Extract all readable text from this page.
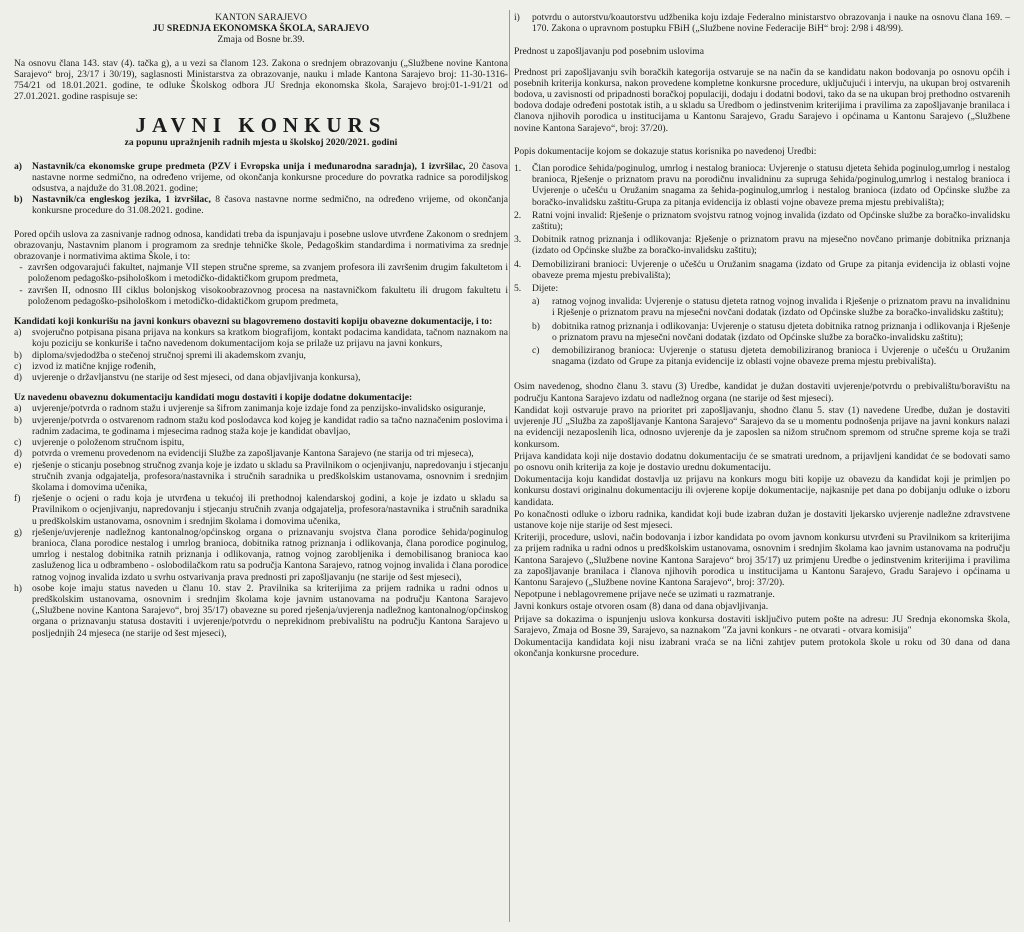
KANTON SARAJEVO

JU SREDNJA EKONOMSKA ŠKOLA, SARAJEVO

Zmaja od Bosne br.39.

Na osnovu člana 143. stav (4). tačka g), a u vezi sa članom 123. Zakona o srednjem obrazovanju („Službene novine Kantona Sarajevo“ broj, 23/17 i 30/19), saglasnosti Ministarstva za obrazovanje, nauku i mlade Kantona Sarajevo broj: 11-30-1316-754/21 od 18.01.2021. godine, te odluke Školskog odbora JU Srednja ekonomska škola, Sarajevo broj:01-1-91/21 od 27.01.2021. godine raspisuje se:

JAVNI KONKURS

za popunu upražnjenih radnih mjesta u školskoj 2020/2021. godini

a)	Nastavnik/ca ekonomske grupe predmeta (PZV i Evropska unija i međunarodna saradnja), 1 izvršilac, 20 časova nastavne norme sedmično, na određeno vrijeme, od okončanja konkursne procedure do povratka radnice sa porodiljskog odsustva, a najduže do 31.08.2021. godine;
b) Nastavnik/ca engleskog jezika, 1 izvršilac, 8 časova nastavne norme sedmično, na određeno vrijeme, od okončanja konkursne procedure do 31.08.2021. godine.

Pored općih uslova za zasnivanje radnog odnosa, kandidati treba da ispunjavaju i posebne uslove utvrđene Zakonom o srednjem obrazovanju, Nastavnim planom i programom za srednje tehničke škole, Pedagoškim standardima i normativima za srednje obrazovanje i normativima aktima Škole, i to:

- završen odgovarajući fakultet, najmanje VII stepen stručne spreme, sa zvanjem profesora ili završenim drugim fakultetom i položenom pedagoško-psihološkom i metodičko-didaktičkom grupom predmeta,
- završen II, odnosno III ciklus bolonjskog visokoobrazovnog procesa na nastavničkom fakultetu ili drugom fakultetu i položenom pedagoško-psihološkom i metodičko-didaktičkom grupom predmeta,

Kandidati koji konkurišu na javni konkurs obavezni su blagovremeno dostaviti kopiju obavezne dokumentacije, i to:

a)	svojeručno potpisana pisana prijava na konkurs sa kratkom biografijom, kontakt podacima kandidata, tačnom naznakom na koju poziciju se konkuriše i tačno navedenom dokumentacijom koja se prilaže uz prijavu na javni konkurs,
b)	diploma/svjedodžba o stečenoj stručnoj spremi ili akademskom zvanju,
c)	izvod iz matične knjige rođenih,
d)	uvjerenje o državljanstvu (ne starije od šest mjeseci, od dana objavljivanja konkursa),

Uz navedenu obaveznu dokumentaciju kandidati mogu dostaviti i kopije dodatne dokumentacije:

a)	uvjerenje/potvrda o radnom stažu i uvjerenje sa šifrom zanimanja koje izdaje fond za penzijsko-invalidsko osiguranje,
b)	uvjerenje/potvrda o ostvarenom radnom stažu kod poslodavca kod kojeg je kandidat radio sa tačno naznačenim poslovima i radnim zadacima, te godinama i mjesecima radnog staža koje je kandidat obavljao,
c)	uvjerenje o položenom stručnom ispitu,
d)	potvrda o vremenu provedenom na evidenciji Službe za zapošljavanje Kantona Sarajevo (ne starija od tri mjeseca),
e)	rješenje o sticanju posebnog stručnog zvanja koje je izdato u skladu sa Pravilnikom o ocjenjivanju, napredovanju i stjecanju stručnih zvanja odgajatelja, profesora/nastavnika i stručnih saradnika u predškolskim ustanovama, osnovnim i srednjim školama i domovima učenika,
f)	rješenje o ocjeni o radu koja je utvrđena u tekućoj ili prethodnoj kalendarskoj godini, a koje je izdato u skladu sa Pravilnikom o ocjenjivanju, napredovanju i stjecanju stručnih zvanja odgajatelja, profesora/nastavnika i stručnih saradnika u predškolskim ustanovama, osnovnim i srednjim školama i domovima učenika,
g)	rješenje/uvjerenje nadležnog kantonalnog/općinskog organa o priznavanju svojstva člana porodice šehida/poginulog branioca, člana porodice nestalog i umrlog branioca, dobitnika ratnog priznanja i odlikovanja, člana porodice poginulog, umrlog i nestalog dobitnika ratnih priznanja i odlikovanja, ratnog vojnog zarobljenika i demobilisanog branioca kao zasluženog lica u odbrambeno - oslobodilačkom ratu sa područja Kantona Sarajevo, ratnog vojnog invalida i člana porodice ratnog vojnog invalida izdato u svrhu ostvarivanja prava prednosti pri zapošljavanju (ne starije od šest mjeseci),
h)	osobe koje imaju status naveden u članu 10. stav 2. Pravilnika sa kriterijima za prijem radnika u radni odnos u predškolskim ustanovama, osnovnim i srednjim školama koje javnim ustanovama na području Kantona Sarajevo („Službene novine Kantona Sarajevo“, broj 35/17) obavezne su pored rješenja/uvjerenja nadležnog kantonalnog/općinskog organa o priznavanju statusa dostaviti i uvjerenje/potvrdu o neprekidnom prebivalištu na području Kantona Sarajevo u posljednjih 24 mjeseca (ne starije od šest mjeseci),
i)	potvrdu o autorstvu/koautorstvu udžbenika koju izdaje Federalno ministarstvo obrazovanja i nauke na osnovu člana 169. – 170. Zakona o upravnom postupku FBiH („Službene novine Federacije BiH“ broj: 2/98 i 48/99).

Prednost u zapošljavanju pod posebnim uslovima

Prednost pri zapošljavanju svih boračkih kategorija ostvaruje se na način da se kandidatu nakon bodovanja po osnovu općih i posebnih kriterija konkursa, nakon provedene kompletne konkursne procedure, uključujući i intervju, na ukupan broj ostvarenih bodova, u zavisnosti od pripadnosti boračkoj populaciji, dodaju i dodatni bodovi, tako da se na ukupan broj prethodno ostvarenih bodova dodaje određeni postotak istih, a u skladu sa Uredbom o jedinstvenim kriterijima i pravilima za zapošljavanje branilaca i članova njihovih porodica u institucijama u Kantonu Sarajevo, Gradu Sarajevo i općinama u Kantonu Sarajevo („Službene novine Kantona Sarajevo“, broj: 37/20).

Popis dokumentacije kojom se dokazuje status korisnika po navedenoj Uredbi:

1.	Član porodice šehida/poginulog, umrlog i nestalog branioca: Uvjerenje o statusu djeteta šehida poginulog,umrlog i nestalog branioca, Rješenje o priznatom pravu na porodičnu invalidninu za supruga šehida/poginulog,umrlog i nestalog branioca i Uvjerenje o učešću u Oružanim snagama za šehida-poginulog,umrlog i nestalog branioca (izdato od Općinske službe za boračko-invalidsku zaštitu-Grupa za pitanja evidencija iz oblasti vojne obaveze prema mjestu prebivališta);
2.	Ratni vojni invalid: Rješenje o priznatom svojstvu ratnog vojnog invalida (izdato od Općinske službe za boračko-invalidsku zaštitu);
3.	Dobitnik ratnog priznanja i odlikovanja: Rješenje o priznatom pravu na mjesečno novčano primanje dobitnika priznanja (izdato od Općinske službe za boračko-invalidsku zaštitu);
4.	Demobilizirani branioci: Uvjerenje o učešću u Oružanim snagama (izdato od Grupe za pitanja evidencija iz oblasti vojne obaveze prema mjestu prebivališta);
5.	Dijete:
a)	ratnog vojnog invalida: Uvjerenje o statusu djeteta ratnog vojnog invalida i Rješenje o priznatom pravu na invalidninu i Rješenje o priznatom pravu na mjesečni novčani dodatak (izdato od Općinske službe za boračko-invalidsku zaštitu);
b)	dobitnika ratnog priznanja i odlikovanja: Uvjerenje o statusu djeteta dobitnika ratnog priznanja i odlikovanja i Rješenje o priznatom pravu na mjesečni novčani dodatak (izdato od Općinske službe za boračko-invalidsku zaštitu);
c)	demobiliziranog branioca: Uvjerenje o statusu djeteta demobiliziranog branioca i Uvjerenje o učešću u Oružanim snagama (izdato od Grupe za pitanja evidencije iz oblasti vojne obaveze prema mjestu prebivališta).

Osim navedenog, shodno članu 3. stavu (3) Uredbe, kandidat je dužan dostaviti uvjerenje/potvrdu o prebivalištu/boravištu na području Kantona Sarajevo izdatu od nadležnog organa (ne starije od šest mjeseci).

Kandidat koji ostvaruje pravo na prioritet pri zapošljavanju, shodno članu 5. stav (1) navedene Uredbe, dužan je dostaviti uvjerenje JU „Služba za zapošljavanje Kantona Sarajevo“ Sarajevo da se u momentu podnošenja prijave na javni konkurs nalazi na evidenciji nezaposlenih lica, odnosno uvjerenje da je zaposlen sa nižom stručnom spremom od stručne spreme koja se traži konkursom.

Prijava kandidata koji nije dostavio dodatnu dokumentaciju će se smatrati urednom, a prijavljeni kandidat će se bodovati samo po osnovu onih kriterija za koje je dostavio urednu dokumentaciju.

Dokumentacija koju kandidat dostavlja uz prijavu na konkurs mogu biti kopije uz obavezu da kandidat koji je primljen po konkursu dostavi originalnu dokumentaciju ili ovjerene kopije dokumentacije, najkasnije pet dana po dobijanju odluke o izboru kandidata.

Po konačnosti odluke o izboru radnika, kandidat koji bude izabran dužan je dostaviti ljekarsko uvjerenje nadležne zdravstvene ustanove koje nije starije od šest mjeseci.

Kriteriji, procedure, uslovi, način bodovanja i izbor kandidata po ovom javnom konkursu utvrđeni su Pravilnikom sa kriterijima za prijem radnika u radni odnos u predškolskim ustanovama, osnovnim i srednjim školama kao javnim ustanovama na području Kantona Sarajevo („Službene novine Kantona Sarajevo“ broj 35/17) uz primjenu Uredbe o jedinstvenim kriterijima i pravilima za zapošljavanje branilaca i članova njihovih porodica u institucijama u Kantonu Sarajevo, Gradu Sarajevo i općinama u Kantonu Sarajevo („Službene novine Kantona Sarajevo“, broj: 37/20).

Nepotpune i neblagovremene prijave neće se uzimati u razmatranje.

Javni konkurs ostaje otvoren osam (8) dana od dana objavljivanja.

Prijave sa dokazima o ispunjenju uslova konkursa dostaviti isključivo putem pošte na adresu: JU Srednja ekonomska škola, Sarajevo, Zmaja od Bosne 39, Sarajevo, sa naznakom "Za javni konkurs - ne otvarati - otvara komisija"

Dokumentacija kandidata koji nisu izabrani vraća se na lični zahtjev putem protokola škole u roku od 30 dana od dana okončanja konkursne procedure.
